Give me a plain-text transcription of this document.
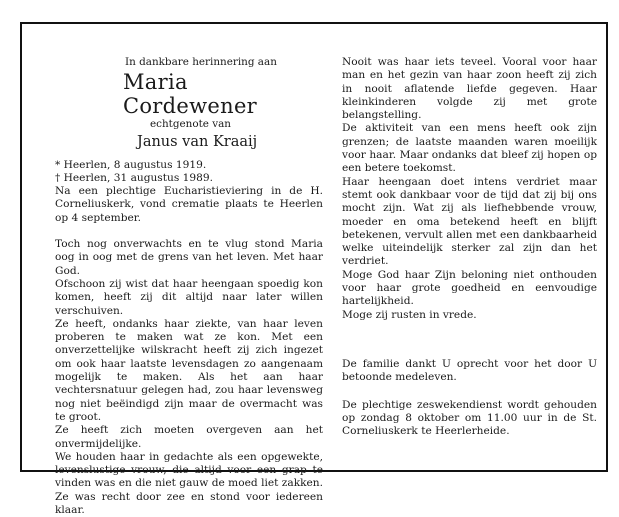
In dankbare herinnering aan

Maria Cordewener

echtgenote van

Janus van Kraaij

* Heerlen, 8 augustus 1919.

† Heerlen, 31 augustus 1989.

Na een plechtige Eucharistieviering in de H. Corneliuskerk, vond crematie plaats te Heerlen op 4 september.

Toch nog onverwachts en te vlug stond Maria oog in oog met de grens van het leven. Met haar God.

Ofschoon zij wist dat haar heengaan spoedig kon komen, heeft zij dit altijd naar later willen verschuiven.

Ze heeft, ondanks haar ziekte, van haar leven proberen te maken wat ze kon. Met een onverzettelijke wilskracht heeft zij zich ingezet om ook haar laatste levensdagen zo aangenaam mogelijk te maken. Als het aan haar vechtersnatuur gelegen had, zou haar levensweg nog niet beëindigd zijn maar de overmacht was te groot.

Ze heeft zich moeten overgeven aan het onvermijdelijke.

We houden haar in gedachte als een opgewekte, levenslustige vrouw, die altijd voor een grap te vinden was en die niet gauw de moed liet zakken. Ze was recht door zee en stond voor iedereen klaar.

Nooit was haar iets teveel. Vooral voor haar man en het gezin van haar zoon heeft zij zich in nooit aflatende liefde gegeven. Haar kleinkinderen volgde zij met grote belangstelling.

De aktiviteit van een mens heeft ook zijn grenzen; de laatste maanden waren moeilijk voor haar. Maar ondanks dat bleef zij hopen op een betere toekomst.

Haar heengaan doet intens verdriet maar stemt ook dankbaar voor de tijd dat zij bij ons mocht zijn. Wat zij als liefhebbende vrouw, moeder en oma betekend heeft en blijft betekenen, vervult allen met een dankbaarheid welke uiteindelijk sterker zal zijn dan het verdriet.

Moge God haar Zijn beloning niet onthouden voor haar grote goedheid en eenvoudige hartelijkheid.

Moge zij rusten in vrede.

De familie dankt U oprecht voor het door U betoonde medeleven.

De plechtige zeswekendienst wordt gehouden op zondag 8 oktober om 11.00 uur in de St. Corneliuskerk te Heerlerheide.
